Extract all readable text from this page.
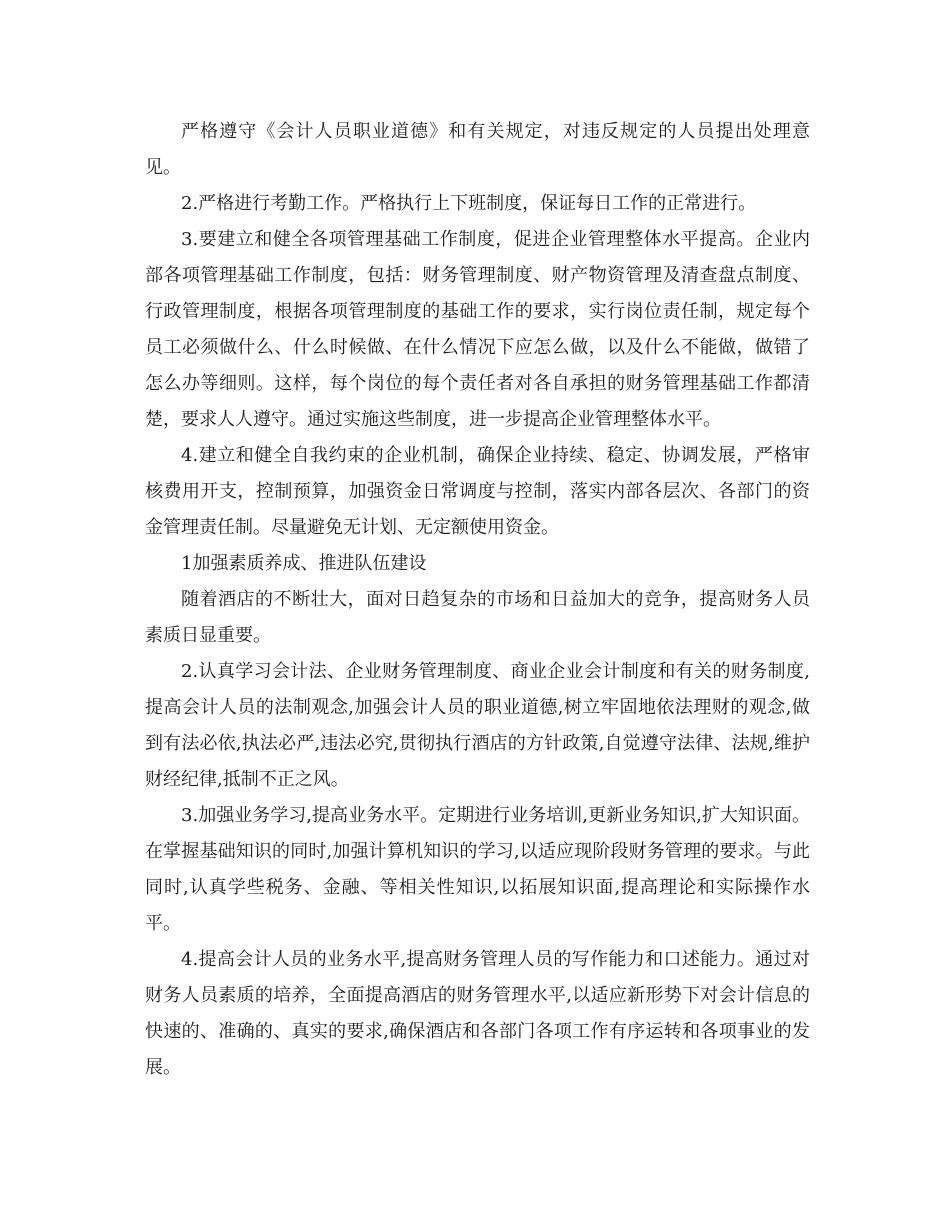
严格遵守《会计人员职业道德》和有关规定，对违反规定的人员提出处理意见。

2.严格进行考勤工作。严格执行上下班制度，保证每日工作的正常进行。

3.要建立和健全各项管理基础工作制度，促进企业管理整体水平提高。企业内部各项管理基础工作制度，包括：财务管理制度、财产物资管理及清查盘点制度、行政管理制度，根据各项管理制度的基础工作的要求，实行岗位责任制，规定每个员工必须做什么、什么时候做、在什么情况下应怎么做，以及什么不能做，做错了怎么办等细则。这样，每个岗位的每个责任者对各自承担的财务管理基础工作都清楚，要求人人遵守。通过实施这些制度，进一步提高企业管理整体水平。

4.建立和健全自我约束的企业机制，确保企业持续、稳定、协调发展，严格审核费用开支，控制预算，加强资金日常调度与控制，落实内部各层次、各部门的资金管理责任制。尽量避免无计划、无定额使用资金。

1加强素质养成、推进队伍建设

随着酒店的不断壮大，面对日趋复杂的市场和日益加大的竞争，提高财务人员素质日显重要。

2.认真学习会计法、企业财务管理制度、商业企业会计制度和有关的财务制度,提高会计人员的法制观念,加强会计人员的职业道德,树立牢固地依法理财的观念,做到有法必依,执法必严,违法必究,贯彻执行酒店的方针政策,自觉遵守法律、法规,维护财经纪律,抵制不正之风。

3.加强业务学习,提高业务水平。定期进行业务培训,更新业务知识,扩大知识面。在掌握基础知识的同时,加强计算机知识的学习,以适应现阶段财务管理的要求。与此同时,认真学些税务、金融、等相关性知识,以拓展知识面,提高理论和实际操作水平。

4.提高会计人员的业务水平,提高财务管理人员的写作能力和口述能力。通过对财务人员素质的培养，全面提高酒店的财务管理水平,以适应新形势下对会计信息的快速的、准确的、真实的要求,确保酒店和各部门各项工作有序运转和各项事业的发展。
